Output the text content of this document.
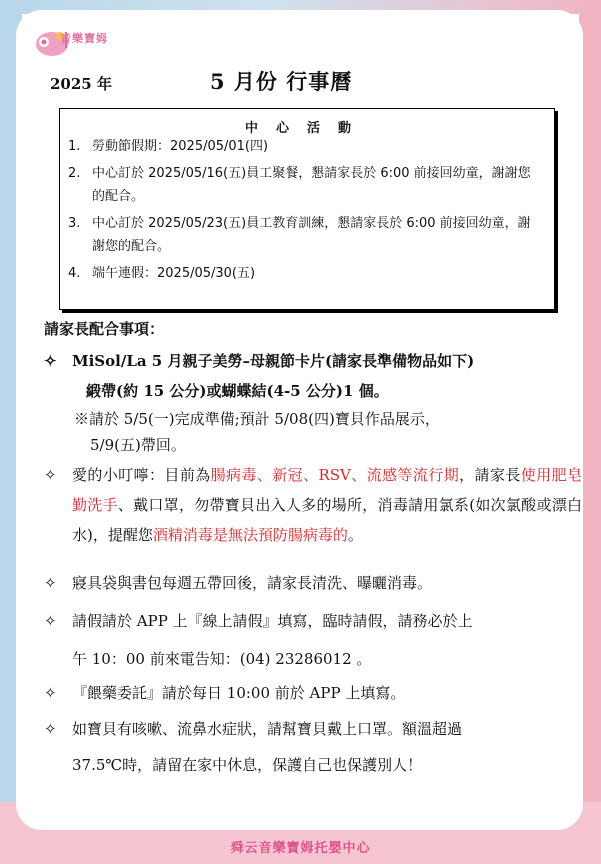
音樂寶姆
2025 年	5 月份 行事曆
中心活動
1. 勞動節假期：2025/05/01(四)
2. 中心訂於 2025/05/16(五)員工聚餐，懇請家長於 6:00 前接回幼童，謝謝您的配合。
3. 中心訂於 2025/05/23(五)員工教育訓練，懇請家長於 6:00 前接回幼童，謝謝您的配合。
4. 端午連假：2025/05/30(五)
請家長配合事項：
✧ MiSol/La 5 月親子美勞–母親節卡片(請家長準備物品如下)
緞帶(約 15 公分)或蝴蝶結(4-5 公分)1 個。
※請於 5/5(一)完成準備;預計 5/08(四)寶貝作品展示，
5/9(五)帶回。
✧ 愛的小叮嚀：目前為腸病毒、新冠、RSV、流感等流行期，請家長使用肥皂勤洗手、戴口罩，勿帶寶貝出入人多的場所，消毒請用氯系(如次氯酸或漂白水)，提醒您酒精消毒是無法預防腸病毒的。
✧ 寢具袋與書包每週五帶回後，請家長清洗、曝曬消毒。
✧ 請假請於 APP 上『線上請假』填寫，臨時請假，請務必於上
午 10：00 前來電告知：(04) 23286012 。
✧ 『餵藥委託』請於每日 10:00 前於 APP 上填寫。
✧ 如寶貝有咳嗽、流鼻水症狀，請幫寶貝戴上口罩。額溫超過
37.5℃時，請留在家中休息，保護自己也保護別人！
舜云音樂寶姆托嬰中心
